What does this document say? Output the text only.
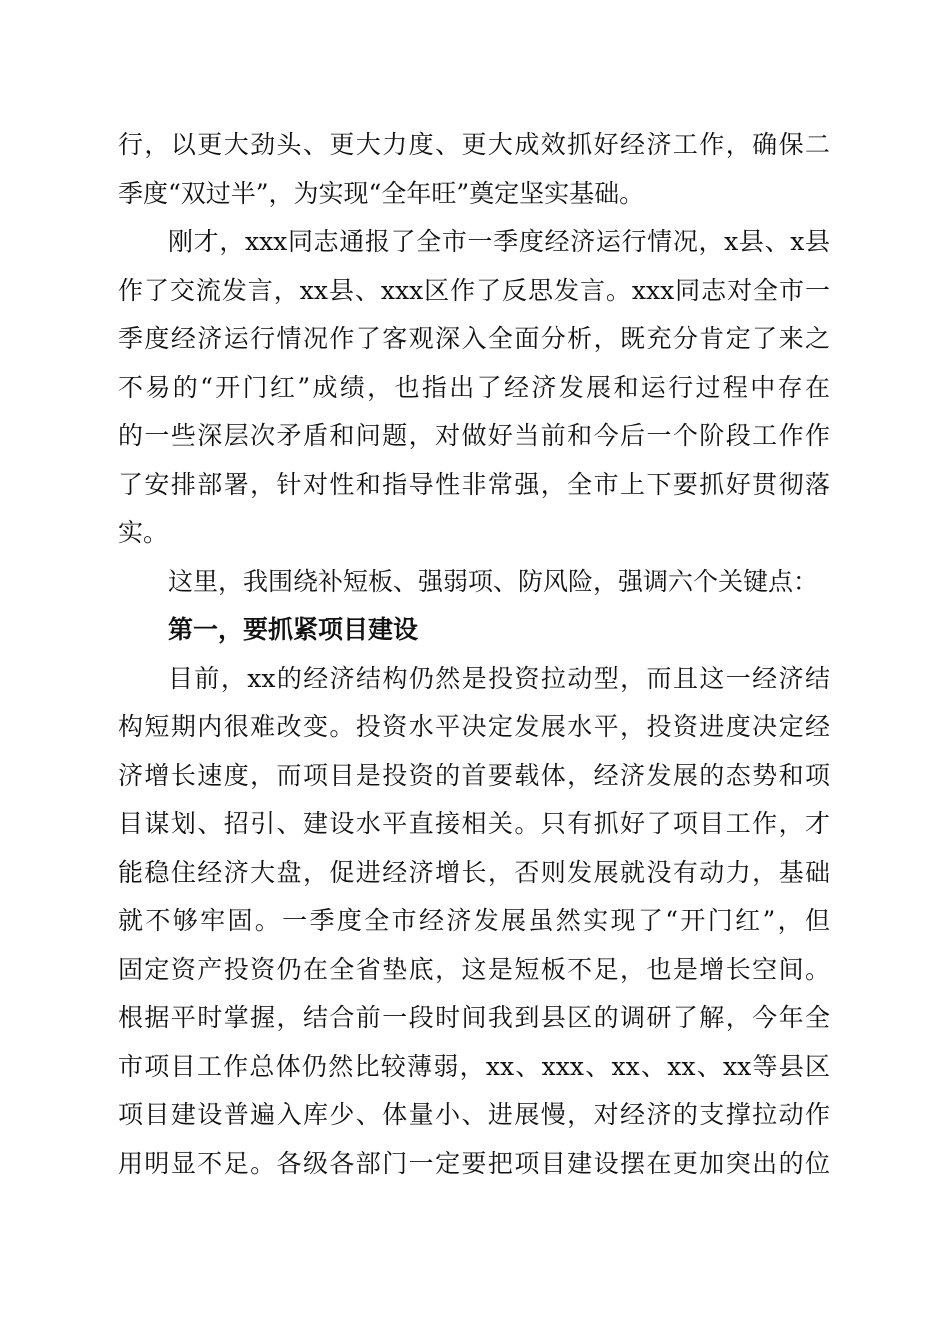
行，以更大劲头、更大力度、更大成效抓好经济工作，确保二
季度“双过半”，为实现“全年旺”奠定坚实基础。

刚才，xxx同志通报了全市一季度经济运行情况，x县、x县
作了交流发言，xx县、xxx区作了反思发言。xxx同志对全市一
季度经济运行情况作了客观深入全面分析，既充分肯定了来之
不易的“开门红”成绩，也指出了经济发展和运行过程中存在
的一些深层次矛盾和问题，对做好当前和今后一个阶段工作作
了安排部署，针对性和指导性非常强，全市上下要抓好贯彻落
实。

这里，我围绕补短板、强弱项、防风险，强调六个关键点：

第一，要抓紧项目建设

目前，xx的经济结构仍然是投资拉动型，而且这一经济结
构短期内很难改变。投资水平决定发展水平，投资进度决定经
济增长速度，而项目是投资的首要载体，经济发展的态势和项
目谋划、招引、建设水平直接相关。只有抓好了项目工作，才
能稳住经济大盘，促进经济增长，否则发展就没有动力，基础
就不够牢固。一季度全市经济发展虽然实现了“开门红”，但
固定资产投资仍在全省垫底，这是短板不足，也是增长空间。
根据平时掌握，结合前一段时间我到县区的调研了解，今年全
市项目工作总体仍然比较薄弱，xx、xxx、xx、xx、xx等县区
项目建设普遍入库少、体量小、进展慢，对经济的支撑拉动作
用明显不足。各级各部门一定要把项目建设摆在更加突出的位
